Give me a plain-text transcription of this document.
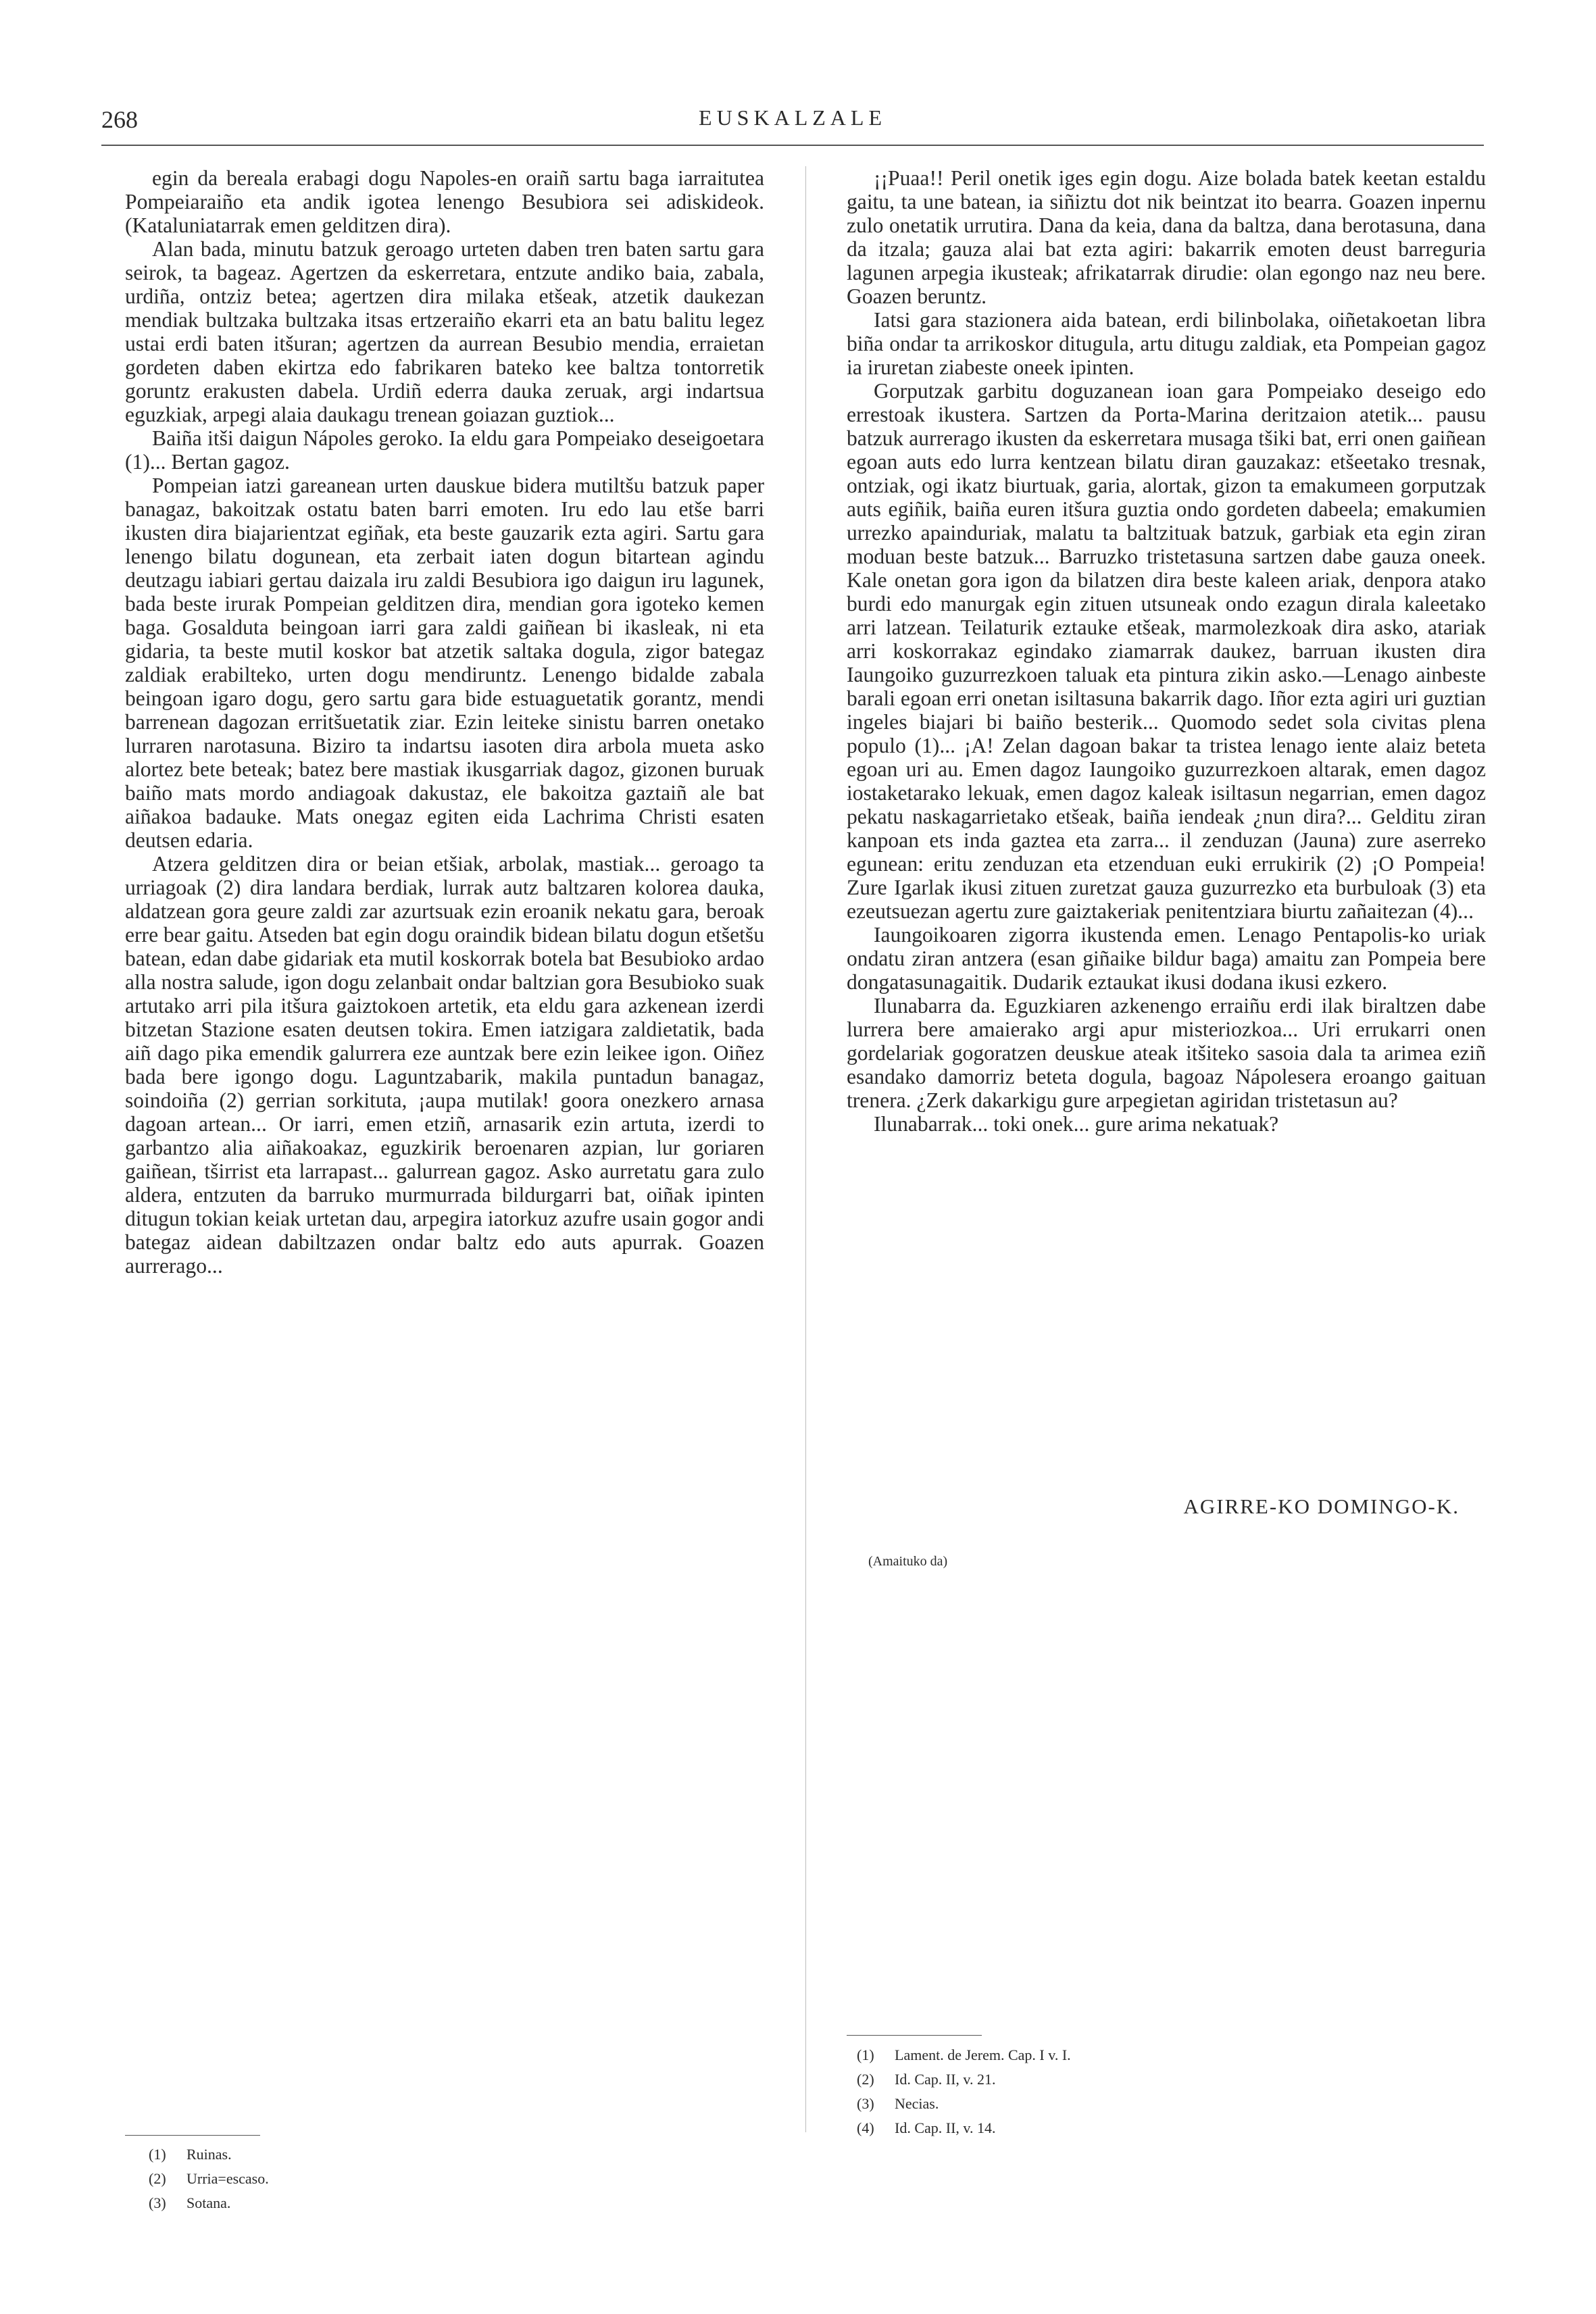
268	EUSKALZALE

egin da bereala erabagi dogu Napoles-en oraiñ sartu baga iarraitutea Pompeiaraiño eta andik igotea lenengo Besubiora sei adiskideok. (Kataluniatarrak emen gelditzen dira).

Alan bada, minutu batzuk geroago urteten daben tren baten sartu gara seirok, ta bageaz. Agertzen da eskerretara, entzute andiko baia, zabala, urdiña, ontziz betea; agertzen dira milaka etšeak, atzetik daukezan mendiak bultzaka bultzaka itsas ertzeraiño ekarri eta an batu balitu legez ustai erdi baten itšuran; agertzen da aurrean Besubio mendia, erraietan gordeten daben ekirtza edo fabrikaren bateko kee baltza tontorretik goruntz erakusten dabela. Urdiñ ederra dauka zeruak, argi indartsua eguzkiak, arpegi alaia daukagu trenean goiazan guztiok...

Baiña itši daigun Nápoles geroko. Ia eldu gara Pompeiako deseigoetara (1)... Bertan gagoz.

Pompeian iatzi gareanean urten dauskue bidera mutiltšu batzuk paper banagaz, bakoitzak ostatu baten barri emoten. Iru edo lau etše barri ikusten dira biajarientzat egiñak, eta beste gauzarik ezta agiri. Sartu gara lenengo bilatu dogunean, eta zerbait iaten dogun bitartean agindu deutzagu iabiari gertau daizala iru zaldi Besubiora igo daigun iru lagunek, bada beste irurak Pompeian gelditzen dira, mendian gora igoteko kemen baga. Gosalduta beingoan iarri gara zaldi gaiñean bi ikasleak, ni eta gidaria, ta beste mutil koskor bat atzetik saltaka dogula, zigor bategaz zaldiak erabilteko, urten dogu mendiruntz. Lenengo bidalde zabala beingoan igaro dogu, gero sartu gara bide estuaguetatik gorantz, mendi barrenean dagozan erritšuetatik ziar. Ezin leiteke sinistu barren onetako lurraren narotasuna. Biziro ta indartsu iasoten dira arbola mueta asko alortez bete beteak; batez bere mastiak ikusgarriak dagoz, gizonen buruak baiño mats mordo andiagoak dakustaz, ele bakoitza gaztaiñ ale bat aiñakoa badauke. Mats onegaz egiten eida Lachrima Christi esaten deutsen edaria.

Atzera gelditzen dira or beian etšiak, arbolak, mastiak... geroago ta urriagoak (2) dira landara berdiak, lurrak autz baltzaren kolorea dauka, aldatzean gora geure zaldi zar azurtsuak ezin eroanik nekatu gara, beroak erre bear gaitu. Atseden bat egin dogu oraindik bidean bilatu dogun etšetšu batean, edan dabe gidariak eta mutil koskorrak botela bat Besubioko ardao alla nostra salude, igon dogu zelanbait ondar baltzian gora Besubioko suak artutako arri pila itšura gaiztokoen artetik, eta eldu gara azkenean izerdi bitzetan Stazione esaten deutsen tokira. Emen iatzigara zaldietatik, bada aiñ dago pika emendik galurrera eze auntzak bere ezin leikee igon. Oiñez bada bere igongo dogu. Laguntzabarik, makila puntadun banagaz, soindoiña (2) gerrian sorkituta, ¡aupa mutilak! goora onezkero arnasa dagoan artean... Or iarri, emen etziñ, arnasarik ezin artuta, izerdi to garbantzo alia aiñakoakaz, eguzkirik beroenaren azpian, lur goriaren gaiñean, tširrist eta larrapast... galurrean gagoz. Asko aurretatu gara zulo aldera, entzuten da barruko murmurrada bildurgarri bat, oiñak ipinten ditugun tokian keiak urtetan dau, arpegira iatorkuz azufre usain gogor andi bategaz aidean dabiltzazen ondar baltz edo auts apurrak. Goazen aurrerago...

¡¡Puaa!! Peril onetik iges egin dogu. Aize bolada batek keetan estaldu gaitu, ta une batean, ia siñiztu dot nik beintzat ito bearra. Goazen inpernu zulo onetatik urrutira. Dana da keia, dana da baltza, dana berotasuna, dana da itzala; gauza alai bat ezta agiri: bakarrik emoten deust barreguria lagunen arpegia ikusteak; afrikatarrak dirudie: olan egongo naz neu bere. Goazen beruntz.

Iatsi gara stazionera aida batean, erdi bilinbolaka, oiñetakoetan libra biña ondar ta arrikoskor ditugula, artu ditugu zaldiak, eta Pompeian gagoz ia iruretan ziabeste oneek ipinten.

Gorputzak garbitu doguzanean ioan gara Pompeiako deseigo edo errestoak ikustera. Sartzen da Porta-Marina deritzaion atetik... pausu batzuk aurrerago ikusten da eskerretara musaga tšiki bat, erri onen gaiñean egoan auts edo lurra kentzean bilatu diran gauzakaz: etšeetako tresnak, ontziak, ogi ikatz biurtuak, garia, alortak, gizon ta emakumeen gorputzak auts egiñik, baiña euren itšura guztia ondo gordeten dabeela; emakumien urrezko apainduriak, malatu ta baltzituak batzuk, garbiak eta egin ziran moduan beste batzuk... Barruzko tristetasuna sartzen dabe gauza oneek. Kale onetan gora igon da bilatzen dira beste kaleen ariak, denpora atako burdi edo manurgak egin zituen utsuneak ondo ezagun dirala kaleetako arri latzean. Teilaturik eztauke etšeak, marmolezkoak dira asko, atariak arri koskorrakaz egindako ziamarrak daukez, barruan ikusten dira Iaungoiko guzurrezkoen taluak eta pintura zikin asko.—Lenago ainbeste barali egoan erri onetan isiltasuna bakarrik dago. Iñor ezta agiri uri guztian ingeles biajari bi baiño besterik... Quomodo sedet sola civitas plena populo (1)... ¡A! Zelan dagoan bakar ta tristea lenago iente alaiz beteta egoan uri au. Emen dagoz Iaungoiko guzurrezkoen altarak, emen dagoz iostaketarako lekuak, emen dagoz kaleak isiltasun negarrian, emen dagoz pekatu naskagarrietako etšeak, baiña iendeak ¿nun dira?... Gelditu ziran kanpoan ets inda gaztea eta zarra... il zenduzan (Jauna) zure aserreko egunean: eritu zenduzan eta etzenduan euki errukirik (2) ¡O Pompeia! Zure Igarlak ikusi zituen zuretzat gauza guzurrezko eta burbuloak (3) eta ezeutsuezan agertu zure gaiztakeriak penitentziara biurtu zañaitezan (4)...

Iaungoikoaren zigorra ikustenda emen. Lenago Pentapolis-ko uriak ondatu ziran antzera (esan giñaike bildur baga) amaitu zan Pompeia bere dongatasunagaitik. Dudarik eztaukat ikusi dodana ikusi ezkero.

Ilunabarra da. Eguzkiaren azkenengo erraiñu erdi ilak biraltzen dabe lurrera bere amaierako argi apur misteriozkoa... Uri errukarri onen gordelariak gogoratzen deuskue ateak itšiteko sasoia dala ta arimea eziñ esandako damorriz beteta dogula, bagoaz Nápolesera eroango gaituan trenera. ¿Zerk dakarkigu gure arpegietan agiridan tristetasun au?

Ilunabarrak... toki onek... gure arima nekatuak?

AGIRRE-KO DOMINGO-K.
(Amaituko da)
(1) Ruinas.
(2) Urria=escaso.
(3) Sotana.
(1) Lament. de Jerem. Cap. I v. I.
(2) Id. Cap. II, v. 21.
(3) Necias.
(4) Id. Cap. II, v. 14.
